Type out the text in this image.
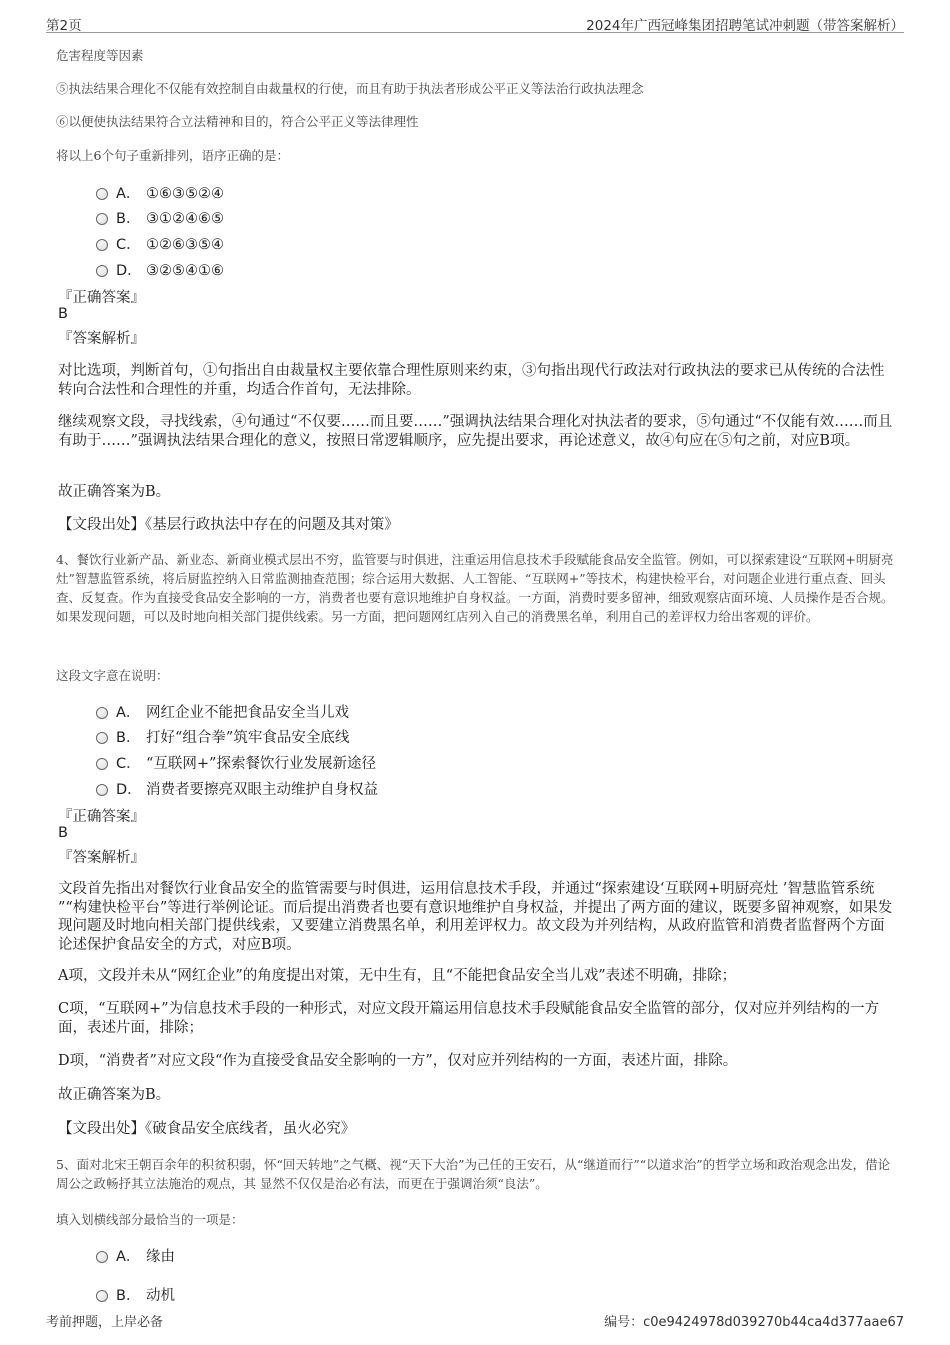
第2页	2024年广西冠峰集团招聘笔试冲刺题（带答案解析）
危害程度等因素
⑤执法结果合理化不仅能有效控制自由裁量权的行使，而且有助于执法者形成公平正义等法治行政执法理念
⑥以便使执法结果符合立法精神和目的，符合公平正义等法律理性
将以上6个句子重新排列，语序正确的是：
A． ①⑥③⑤②④
B． ③①②④⑥⑤
C． ①②⑥③⑤④
D． ③②⑤④①⑥
『正确答案』
B
『答案解析』
对比选项，判断首句，①句指出自由裁量权主要依靠合理性原则来约束，③句指出现代行政法对行政执法的要求已从传统的合法性转向合法性和合理性的并重，均适合作首句，无法排除。
继续观察文段，寻找线索，④句通过“不仅要……而且要……”强调执法结果合理化对执法者的要求，⑤句通过“不仅能有效……而且有助于……”强调执法结果合理化的意义，按照日常逻辑顺序，应先提出要求，再论述意义，故④句应在⑤句之前，对应B项。
故正确答案为B。
【文段出处】《基层行政执法中存在的问题及其对策》
4、餐饮行业新产品、新业态、新商业模式层出不穷，监管要与时俱进，注重运用信息技术手段赋能食品安全监管。例如，可以探索建设“互联网+明厨亮灶”智慧监管系统，将后厨监控纳入日常监测抽查范围；综合运用大数据、人工智能、“互联网+”等技术，构建快检平台，对问题企业进行重点查、回头查、反复查。作为直接受食品安全影响的一方，消费者也要有意识地维护自身权益。一方面，消费时要多留神，细致观察店面环境、人员操作是否合规。如果发现问题，可以及时地向相关部门提供线索。另一方面，把问题网红店列入自己的消费黑名单，利用自己的差评权力给出客观的评价。
这段文字意在说明：
A． 网红企业不能把食品安全当儿戏
B． 打好“组合拳”筑牢食品安全底线
C． “互联网+”探索餐饮行业发展新途径
D． 消费者要擦亮双眼主动维护自身权益
『正确答案』
B
『答案解析』
文段首先指出对餐饮行业食品安全的监管需要与时俱进，运用信息技术手段，并通过“探索建设‘互联网+明厨亮灶 ’智慧监管系统 ”“构建快检平台”等进行举例论证。而后提出消费者也要有意识地维护自身权益，并提出了两方面的建议，既要多留神观察，如果发现问题及时地向相关部门提供线索，又要建立消费黑名单，利用差评权力。故文段为并列结构，从政府监管和消费者监督两个方面论述保护食品安全的方式，对应B项。
A项，文段并未从“网红企业”的角度提出对策，无中生有，且“不能把食品安全当儿戏”表述不明确，排除；
C项，“互联网+”为信息技术手段的一种形式，对应文段开篇运用信息技术手段赋能食品安全监管的部分，仅对应并列结构的一方面，表述片面，排除；
D项，“消费者”对应文段“作为直接受食品安全影响的一方”，仅对应并列结构的一方面，表述片面，排除。
故正确答案为B。
【文段出处】《破食品安全底线者，虽火必究》
5、面对北宋王朝百余年的积贫积弱，怀“回天转地”之气概、视“天下大治”为己任的王安石，从“继道而行”“以道求治”的哲学立场和政治观念出发，借论周公之政畅抒其立法施治的观点，其 显然不仅仅是治必有法，而更在于强调治须“良法”。
填入划横线部分最恰当的一项是：
A． 缘由
B． 动机
考前押题，上岸必备	编号：c0e9424978d039270b44ca4d377aae67
